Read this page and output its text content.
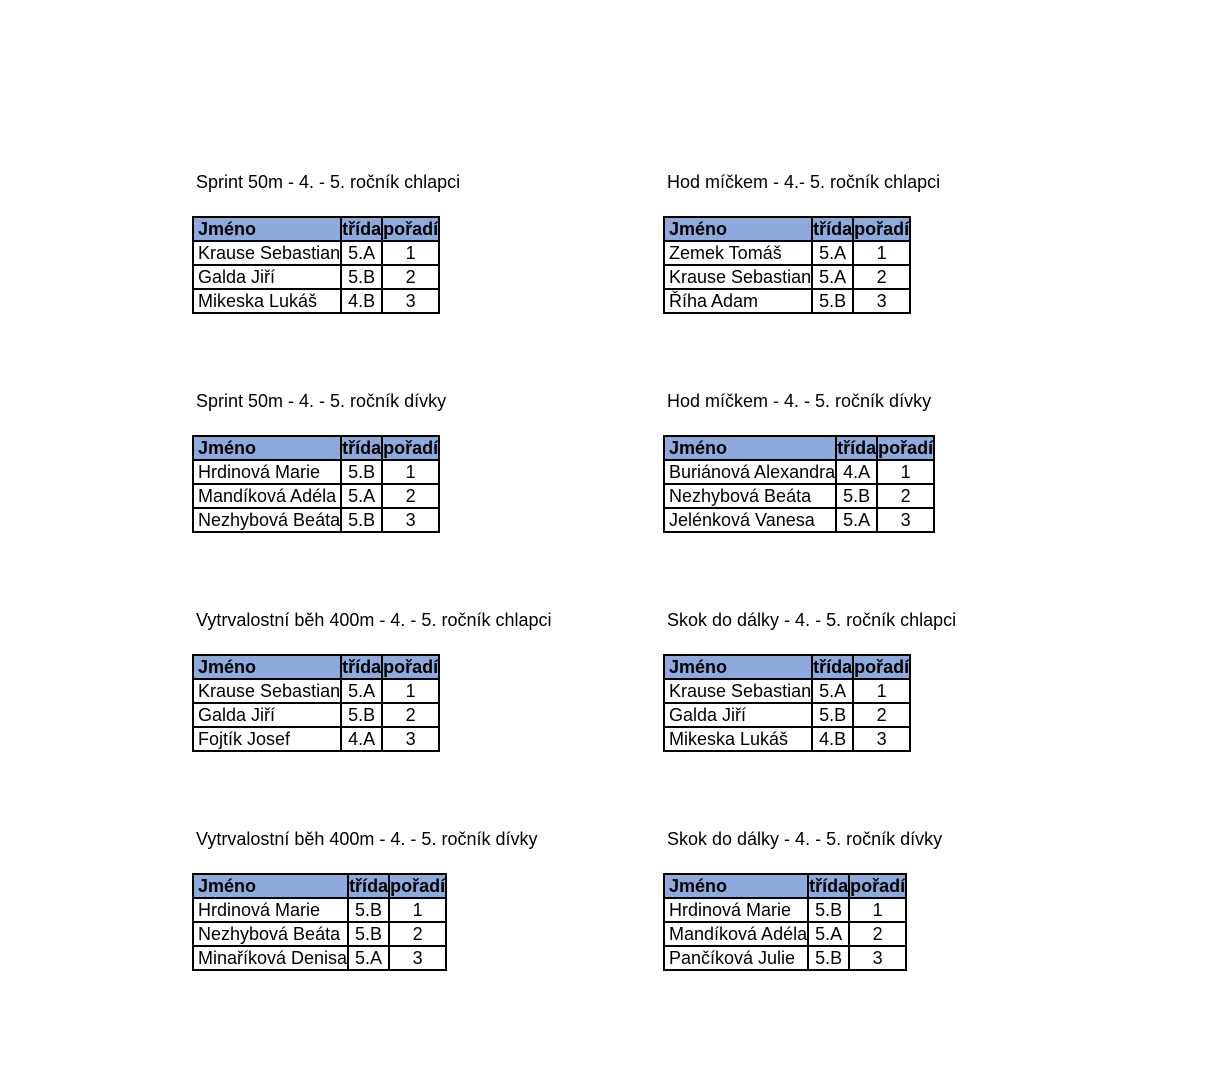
Sprint 50m - 4. - 5. ročník chlapci
Jméno	třída	pořadí
Krause Sebastian	5.A	1
Galda Jiří	5.B	2
Mikeska Lukáš	4.B	3
Hod míčkem - 4.- 5. ročník chlapci
Jméno	třída	pořadí
Zemek Tomáš	5.A	1
Krause Sebastian	5.A	2
Říha Adam	5.B	3
Sprint 50m - 4. - 5. ročník dívky
Jméno	třída	pořadí
Hrdinová Marie	5.B	1
Mandíková Adéla	5.A	2
Nezhybová Beáta	5.B	3
Hod míčkem - 4. - 5. ročník dívky
Jméno	třída	pořadí
Buriánová Alexandra	4.A	1
Nezhybová Beáta	5.B	2
Jelénková Vanesa	5.A	3
Vytrvalostní běh 400m - 4. - 5. ročník chlapci
Jméno	třída	pořadí
Krause Sebastian	5.A	1
Galda Jiří	5.B	2
Fojtík Josef	4.A	3
Skok do dálky - 4. - 5. ročník chlapci
Jméno	třída	pořadí
Krause Sebastian	5.A	1
Galda Jiří	5.B	2
Mikeska Lukáš	4.B	3
Vytrvalostní běh 400m - 4. - 5. ročník dívky
Jméno	třída	pořadí
Hrdinová Marie	5.B	1
Nezhybová Beáta	5.B	2
Minaříková Denisa	5.A	3
Skok do dálky - 4. - 5. ročník dívky
Jméno	třída	pořadí
Hrdinová Marie	5.B	1
Mandíková Adéla	5.A	2
Pančíková Julie	5.B	3
